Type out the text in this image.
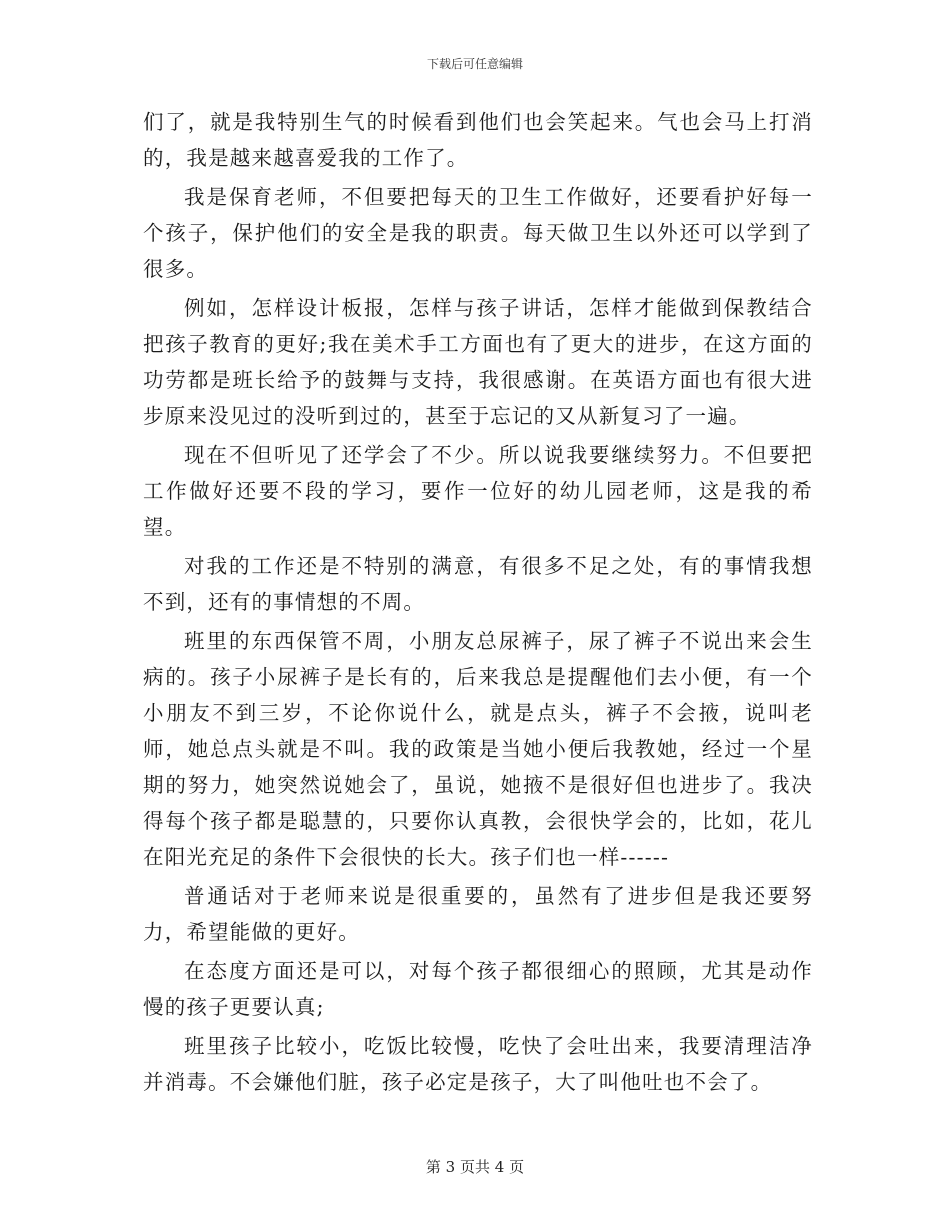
下载后可任意编辑

们了，就是我特别生气的时候看到他们也会笑起来。气也会马上打消的，我是越来越喜爱我的工作了。

我是保育老师，不但要把每天的卫生工作做好，还要看护好每一个孩子，保护他们的安全是我的职责。每天做卫生以外还可以学到了很多。

例如，怎样设计板报，怎样与孩子讲话，怎样才能做到保教结合把孩子教育的更好;我在美术手工方面也有了更大的进步，在这方面的功劳都是班长给予的鼓舞与支持，我很感谢。在英语方面也有很大进步原来没见过的没听到过的，甚至于忘记的又从新复习了一遍。

现在不但听见了还学会了不少。所以说我要继续努力。不但要把工作做好还要不段的学习，要作一位好的幼儿园老师，这是我的希望。

对我的工作还是不特别的满意，有很多不足之处，有的事情我想不到，还有的事情想的不周。

班里的东西保管不周，小朋友总尿裤子，尿了裤子不说出来会生病的。孩子小尿裤子是长有的，后来我总是提醒他们去小便，有一个小朋友不到三岁，不论你说什么，就是点头，裤子不会掖，说叫老师，她总点头就是不叫。我的政策是当她小便后我教她，经过一个星期的努力，她突然说她会了，虽说，她掖不是很好但也进步了。我决得每个孩子都是聪慧的，只要你认真教，会很快学会的，比如，花儿在阳光充足的条件下会很快的长大。孩子们也一样------

普通话对于老师来说是很重要的，虽然有了进步但是我还要努力，希望能做的更好。

在态度方面还是可以，对每个孩子都很细心的照顾，尤其是动作慢的孩子更要认真;

班里孩子比较小，吃饭比较慢，吃快了会吐出来，我要清理洁净并消毒。不会嫌他们脏，孩子必定是孩子，大了叫他吐也不会了。

第 3 页共 4 页
